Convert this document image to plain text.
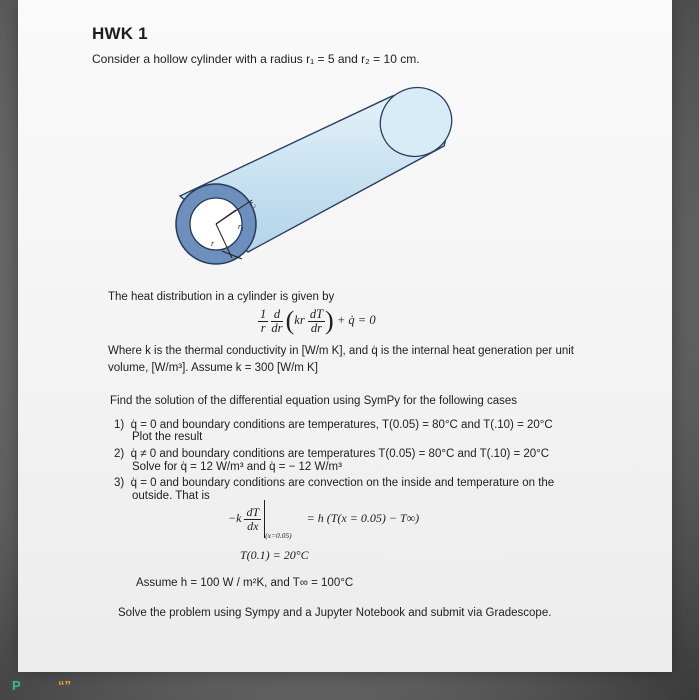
HWK 1
Consider a hollow cylinder with a radius r₁ = 5 and r₂ = 10 cm.
r₂
r₁
r
The heat distribution in a cylinder is given by
$\frac{1}{r}$
$\frac{d}{dr} (kr \frac{dT}{dr}$ ) + q̇ = 0
Where k is the thermal conductivity in [W/m K], and q̇ is the internal heat generation per unit
volume, [W/m³]. Assume k = 300 [W/m K]
Find the solution of the differential equation using SymPy for the following cases
1) q̇ = 0 and boundary conditions are temperatures, T(0.05) = 80°C and T(.10) = 20°C
Plot the result
2) q̇ ≠ 0 and boundary conditions are temperatures T(0.05) = 80°C and T(.10) = 20°C
Solve for q̇ = 12 W/m³ and q̇ = − 12 W/m³
3) q̇ = 0 and boundary conditions are convection on the inside and temperature on the
outside. That is
$-k \frac{dT}{dx}$
$_{(x=0.05)}$     = h (T(x = 0.05) − T∞)
T(0.1) = 20°C
Assume h = 100 W / m²K, and T∞ = 100°C
Solve the problem using Sympy and a Jupyter Notebook and submit via Gradescope.
P	“”
